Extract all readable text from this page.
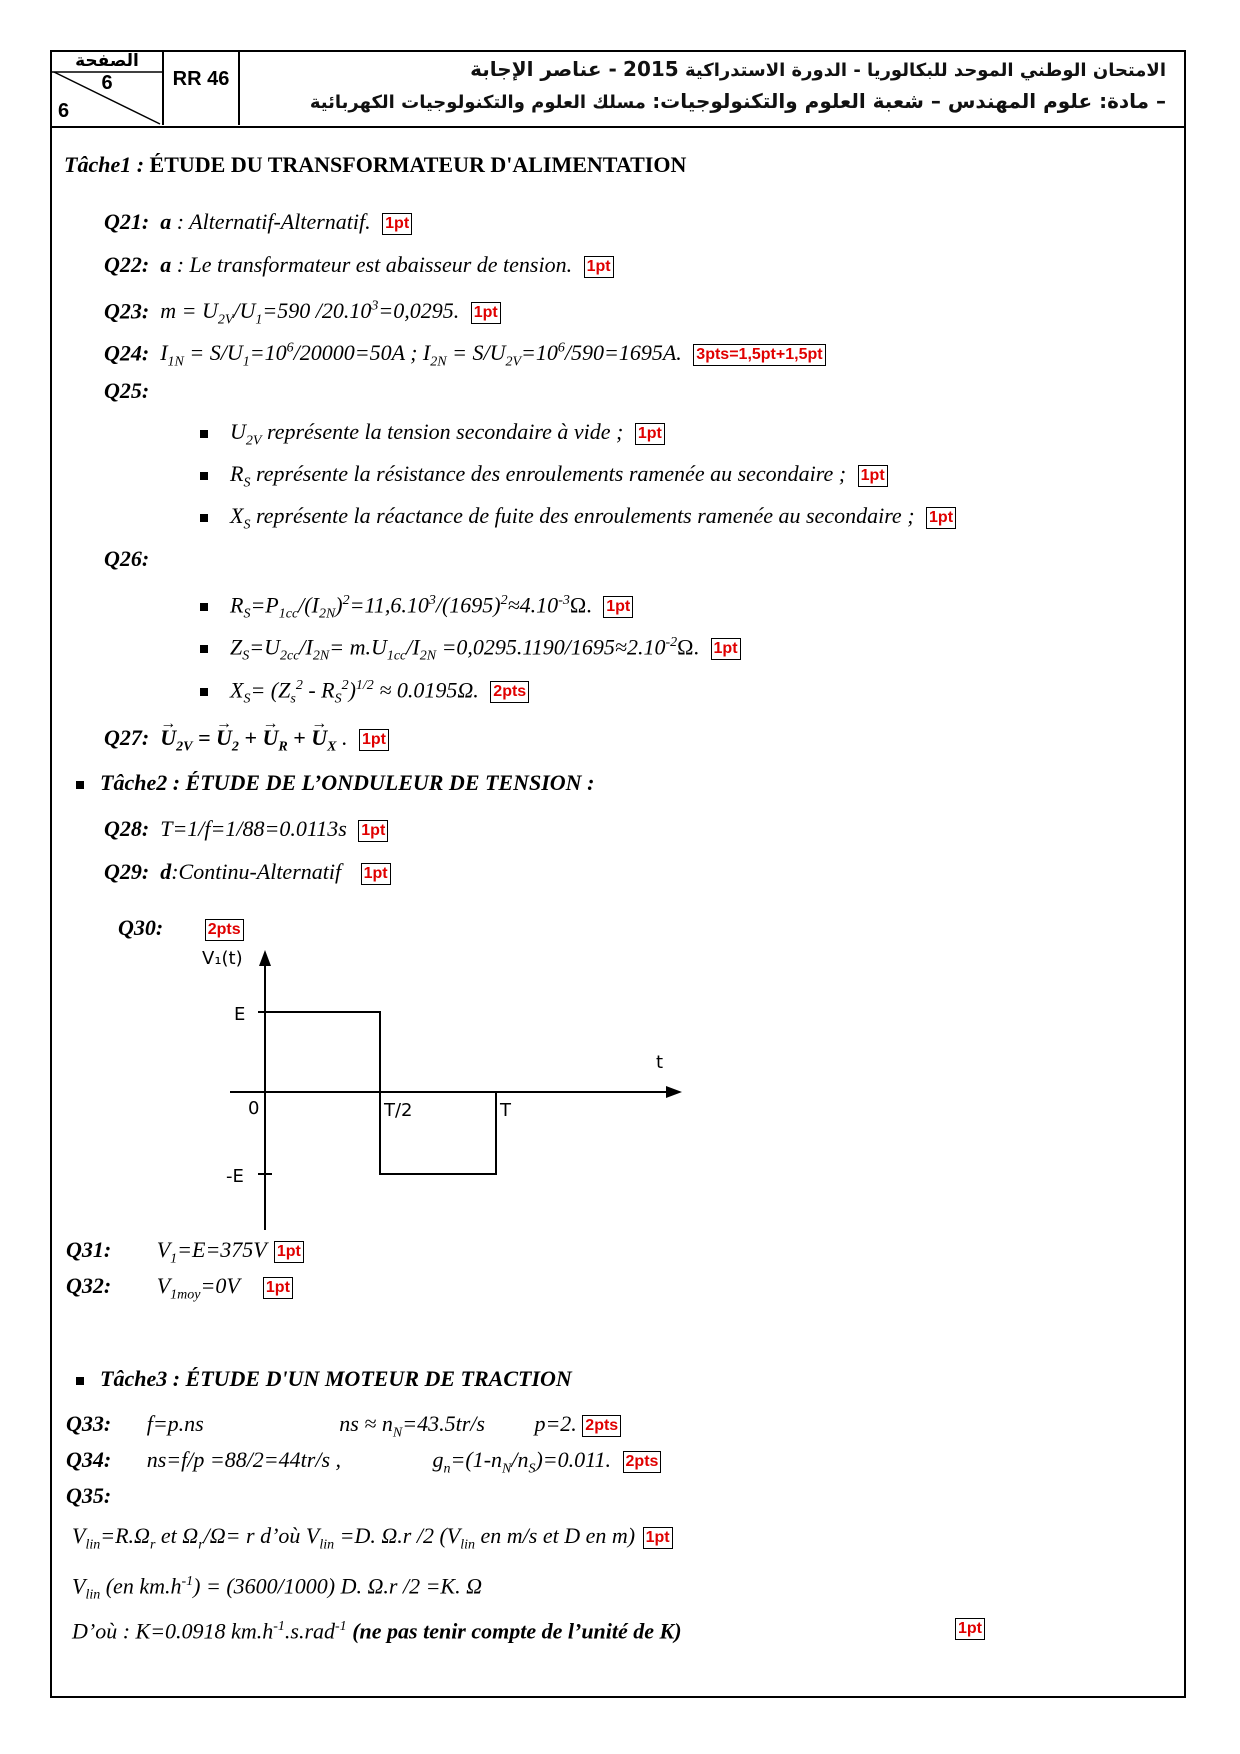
الصفحة
6
6
RR 46	الامتحان الوطني الموحد للبكالوريا - الدورة الاستدراكية 2015 - عناصر الإجابة
– مادة: علوم المهندس – شعبة العلوم والتكنولوجيات: مسلك العلوم والتكنولوجيات الكهربائية
Tâche1 : ÉTUDE DU TRANSFORMATEUR D'ALIMENTATION
Q21: a : Alternatif-Alternatif. 1pt
Q22: a : Le transformateur est abaisseur de tension. 1pt
Q23: $m = U_{2V}/U_1=590$ $/20.10^3=0,0295$. 1pt
Q24: $I_{1N} = S/U_1=10^6/20000=50A$ ; $I_{2N} = S/U_{2V}=10^6/590=1695A$. 3pts=1,5pt+1,5pt
Q25:
$U_{2V}$ représente la tension secondaire à vide ; 1pt
$R_S$ représente la résistance des enroulements ramenée au secondaire ; 1pt
$X_S$ représente la réactance de fuite des enroulements ramenée au secondaire ; 1pt
Q26:
$R_S=P_{1cc}/(I_{2N})^2=11,6.10^3/(1695)^2\approx 4.10^{-3}\Omega$. 1pt
$Z_S=U_{2cc}/I_{2N}= m.U_{1cc}/I_{2N} =0,0295.1190/1695\approx 2.10^{-2}\Omega$. 1pt
$X_S= (Z_s^2 - R_S^2)^{1/2} \approx 0.0195\Omega$. 2pts
Q27:  → $U_{2V}$ = → $U_2$ + → $U_R$ + → $U_X$ . 1pt
Tâche2 : ÉTUDE DE L’ONDULEUR DE TENSION :
Q28: T=1/f=1/88=0.0113s 1pt
Q29: d:Continu-Alternatif 1pt
Q30:	2pts
V₁(t)
t
E
-E
0	T/2	T
Q31: $V_1=E=375V$ 1pt
Q32: $V_{1moy}=0V$ 1pt
Tâche3 : ÉTUDE D'UN MOTEUR DE TRACTION
Q33: f=p.ns	ns ≈ $n_N=43.5tr/s$ p=2. 2pts
Q34: ns=f/p =88/2=44tr/s ,	$g_n=(1-n_N/n_S)=0.011$. 2pts
Q35:
$V_{lin}=R.\Omega_r$ et $\Omega_r/\Omega= r$ d’où $V_{lin} =D$. Ω.r /2 ($V_{lin}$ en m/s et D en m) 1pt
$V_{lin}$ (en $km.h^{-1}) = (3600/1000)$ D. Ω.r /2 =K. Ω
D’où : K=0.0918 $km.h^{-1}.s.rad^{-1}$ (ne pas tenir compte de l’unité de K)	1pt
